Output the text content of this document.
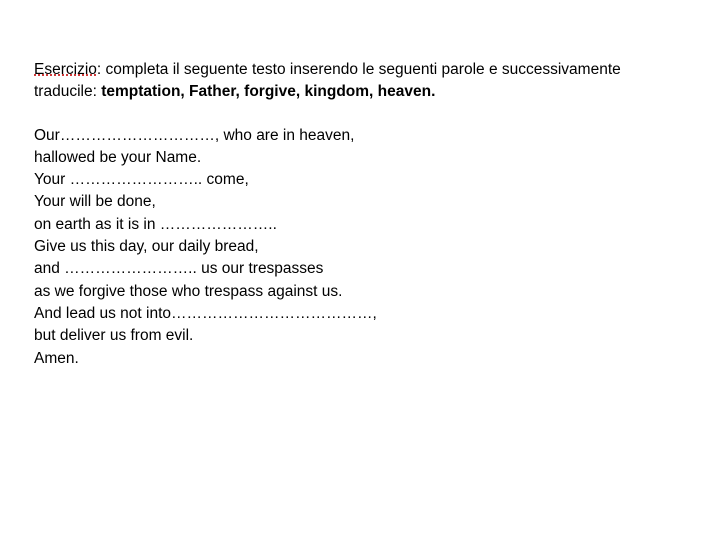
Esercizio: completa il seguente testo inserendo le seguenti parole e successivamente
traducile: temptation, Father, forgive, kingdom, heaven.
Our…………………………, who are in heaven,
hallowed be your Name.
Your …………………….. come,
Your will be done,
on earth as it is in …………………..
Give us this day, our daily bread,
and …………………….. us our trespasses
as we forgive those who trespass against us.
And lead us not into…………………………………,
but deliver us from evil.
Amen.
